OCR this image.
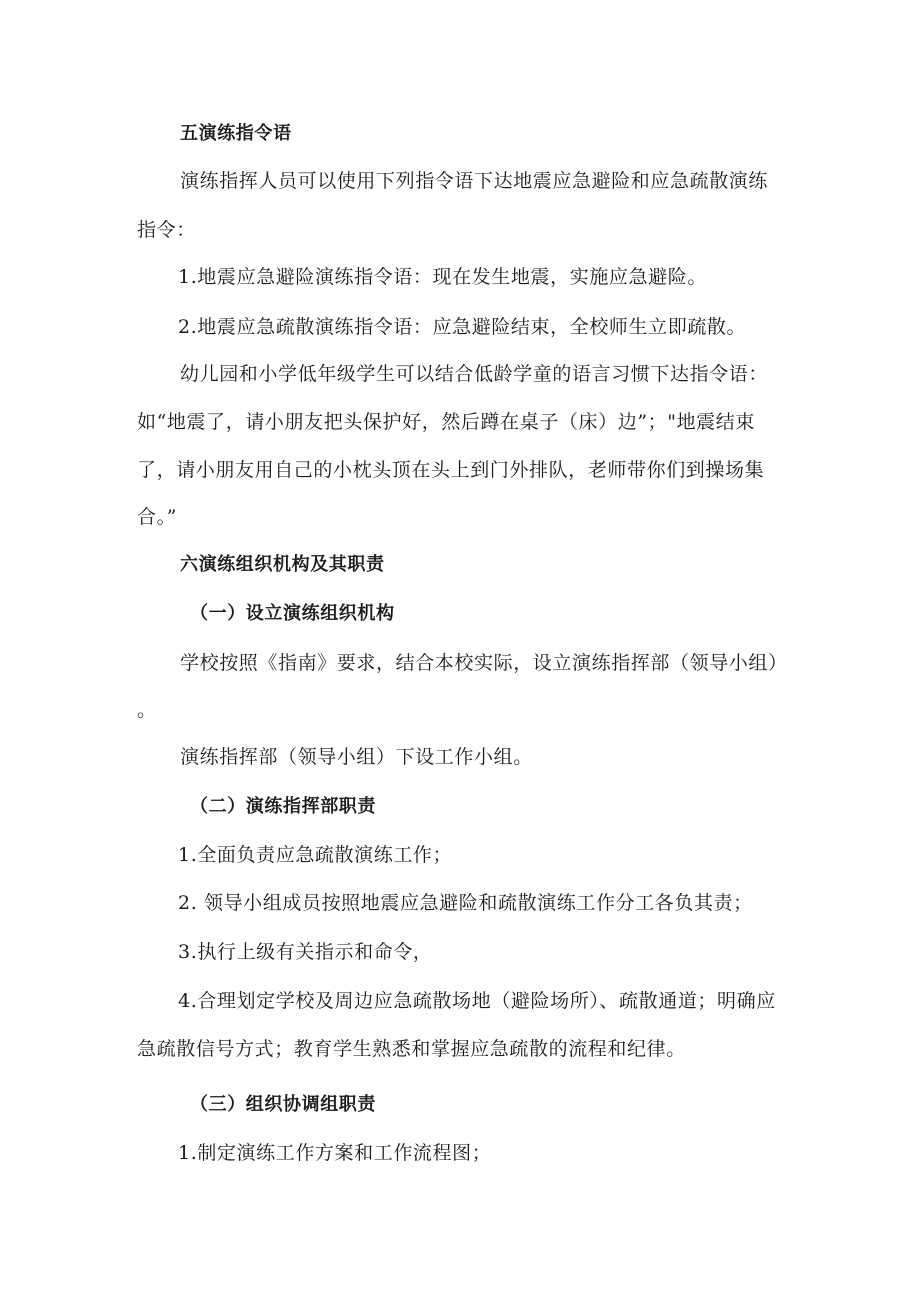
五演练指令语
演练指挥人员可以使用下列指令语下达地震应急避险和应急疏散演练
指令：
1.地震应急避险演练指令语：现在发生地震，实施应急避险。
2.地震应急疏散演练指令语：应急避险结束，全校师生立即疏散。
幼儿园和小学低年级学生可以结合低龄学童的语言习惯下达指令语：
如“地震了，请小朋友把头保护好，然后蹲在桌子（床）边”；"地震结束
了，请小朋友用自己的小枕头顶在头上到门外排队，老师带你们到操场集
合。”
六演练组织机构及其职责
（一）设立演练组织机构
学校按照《指南》要求，结合本校实际，设立演练指挥部（领导小组）
。
演练指挥部（领导小组）下设工作小组。
（二）演练指挥部职责
1.全面负责应急疏散演练工作；
2. 领导小组成员按照地震应急避险和疏散演练工作分工各负其责；
3.执行上级有关指示和命令，
4.合理划定学校及周边应急疏散场地（避险场所）、疏散通道；明确应
急疏散信号方式；教育学生熟悉和掌握应急疏散的流程和纪律。
（三）组织协调组职责
1.制定演练工作方案和工作流程图；
